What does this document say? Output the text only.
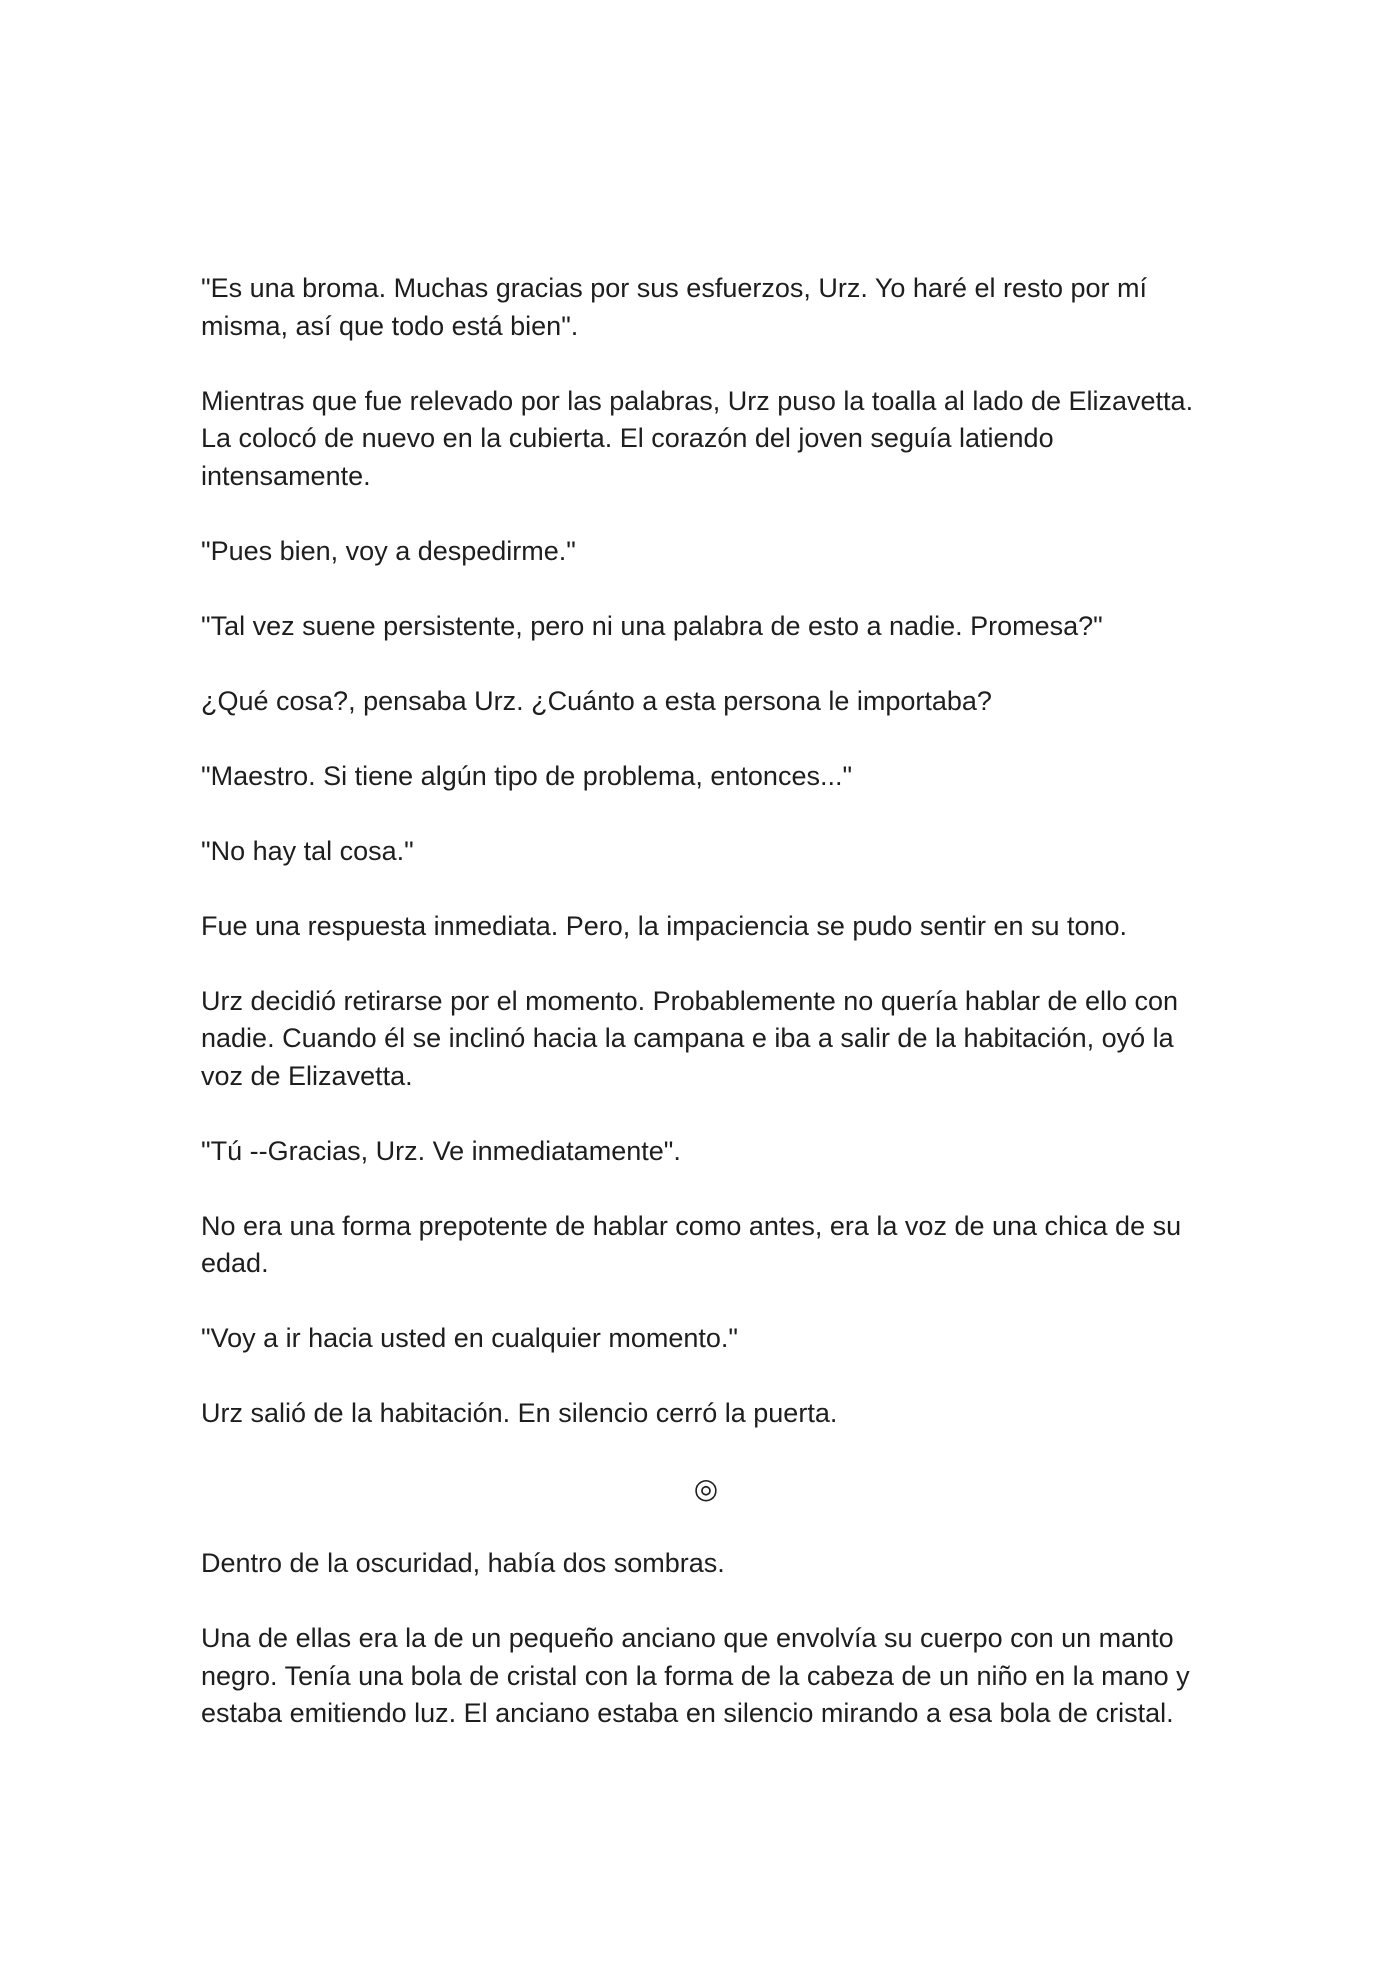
"Es una broma. Muchas gracias por sus esfuerzos, Urz. Yo haré el resto por mí misma, así que todo está bien".

Mientras que fue relevado por las palabras, Urz puso la toalla al lado de Elizavetta. La colocó de nuevo en la cubierta. El corazón del joven seguía latiendo intensamente.

"Pues bien, voy a despedirme."

"Tal vez suene persistente, pero ni una palabra de esto a nadie. Promesa?"

¿Qué cosa?, pensaba Urz. ¿Cuánto a esta persona le importaba?

"Maestro. Si tiene algún tipo de problema, entonces..."

"No hay tal cosa."

Fue una respuesta inmediata. Pero, la impaciencia se pudo sentir en su tono.

Urz decidió retirarse por el momento. Probablemente no quería hablar de ello con nadie. Cuando él se inclinó hacia la campana e iba a salir de la habitación, oyó la voz de Elizavetta.

"Tú --Gracias, Urz. Ve inmediatamente".

No era una forma prepotente de hablar como antes, era la voz de una chica de su edad.

"Voy a ir hacia usted en cualquier momento."

Urz salió de la habitación. En silencio cerró la puerta.

◎

Dentro de la oscuridad, había dos sombras.

Una de ellas era la de un pequeño anciano que envolvía su cuerpo con un manto negro. Tenía una bola de cristal con la forma de la cabeza de un niño en la mano y estaba emitiendo luz. El anciano estaba en silencio mirando a esa bola de cristal.
